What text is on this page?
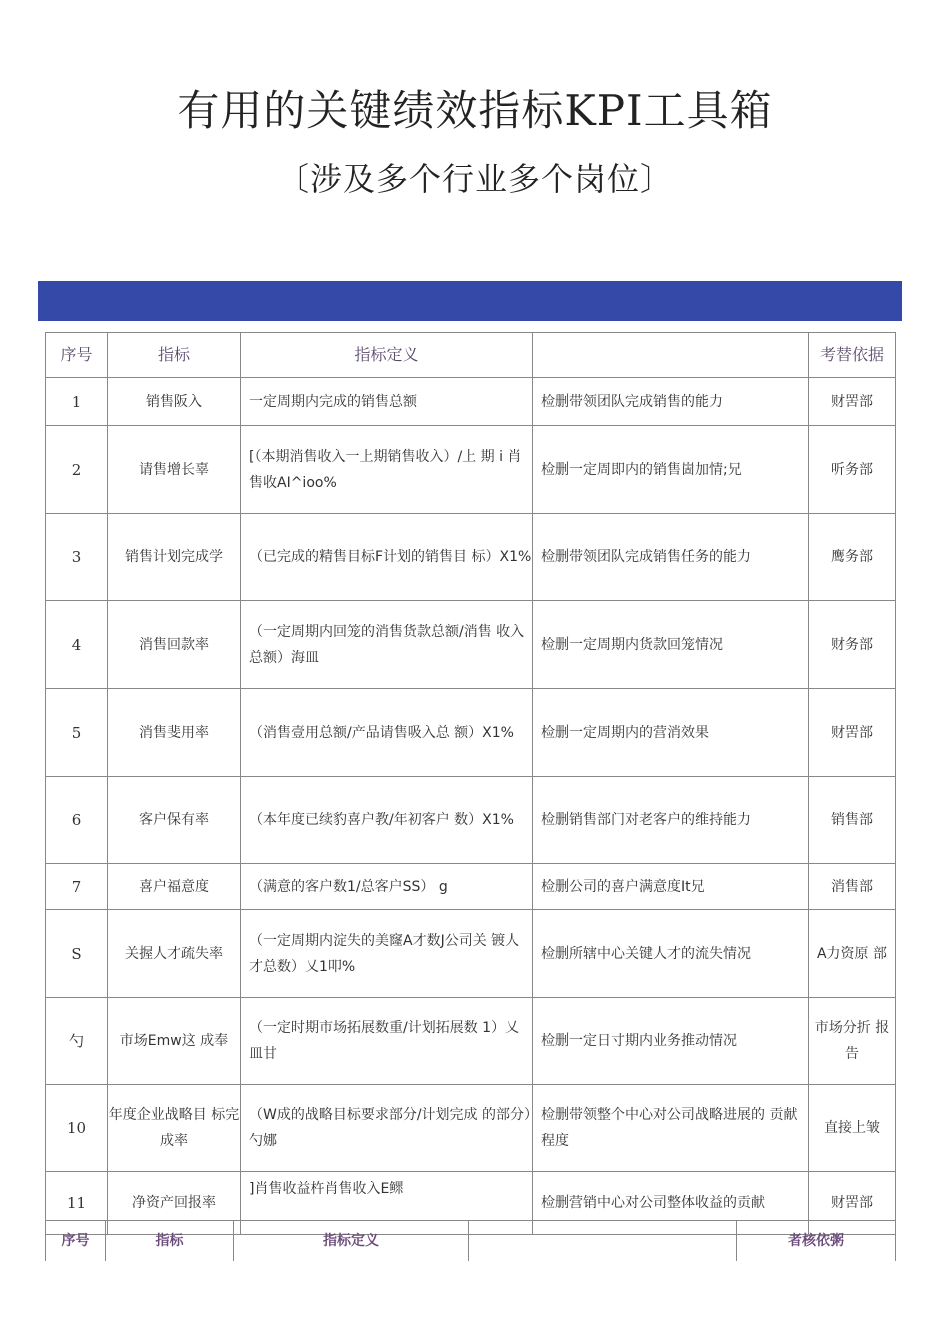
有用的关键绩效指标KPI工具箱
〔涉及多个行业多个岗位〕
序号	指标	指标定义		考替依据
1	销售阪入	一定周期内完成的销售总额	检删带领团队完成销售的能力	财罟部
2	请售增长辜	[（本期消售收入一上期销售收入）/上 期 i 肖售收AI^ioo%	检删一定周即内的销售崮加情;兄	听务部
3	销售计划完成学	（已完成的精售目标F计划的销售目 标）X1%	检删带领团队完成销售任务的能力	鹰务部
4	消售回款率	（一定周期内回笼的消售货款总额/消售 收入总额）海皿	检删一定周期内货款回笼情况	财务部
5	消售斐用率	（消售壹用总额/产品请售吸入总 额）X1%	检删一定周期内的营消效果	财罟部
6	客户保有率	（本年度已续豹喜户教/年初客户 数）X1%	检删销售部门对老客户的维持能力	销售部
7	喜户福意度	（满意的客户数1/总客户SS） g	检删公司的喜户满意度It兄	消售部
S	关握人才疏失率	（一定周期内淀失的美窿A才数J公司关 镀人才总数）乂1叩%	检删所辖中心关键人才的流失情况	A力资原 部
勺	市场Emw这 成奉	（一定时期市场拓展数重/计划拓展数 1）乂皿甘	检删一定日寸期内业务推动情况	市场分折 报 告
10	年度企业战略目 标完成率	（W成的战略目标要求部分/计划完成 的部分）勺娜	检删带领整个中心对公司战略进展的 贡献程度	直接上皱
11	净资产回报率	]肖售收益杵肖售收入E鳏	检删营销中心对公司整体收益的贡献	财罟部
序号	指标	指标定义		者核依粥
